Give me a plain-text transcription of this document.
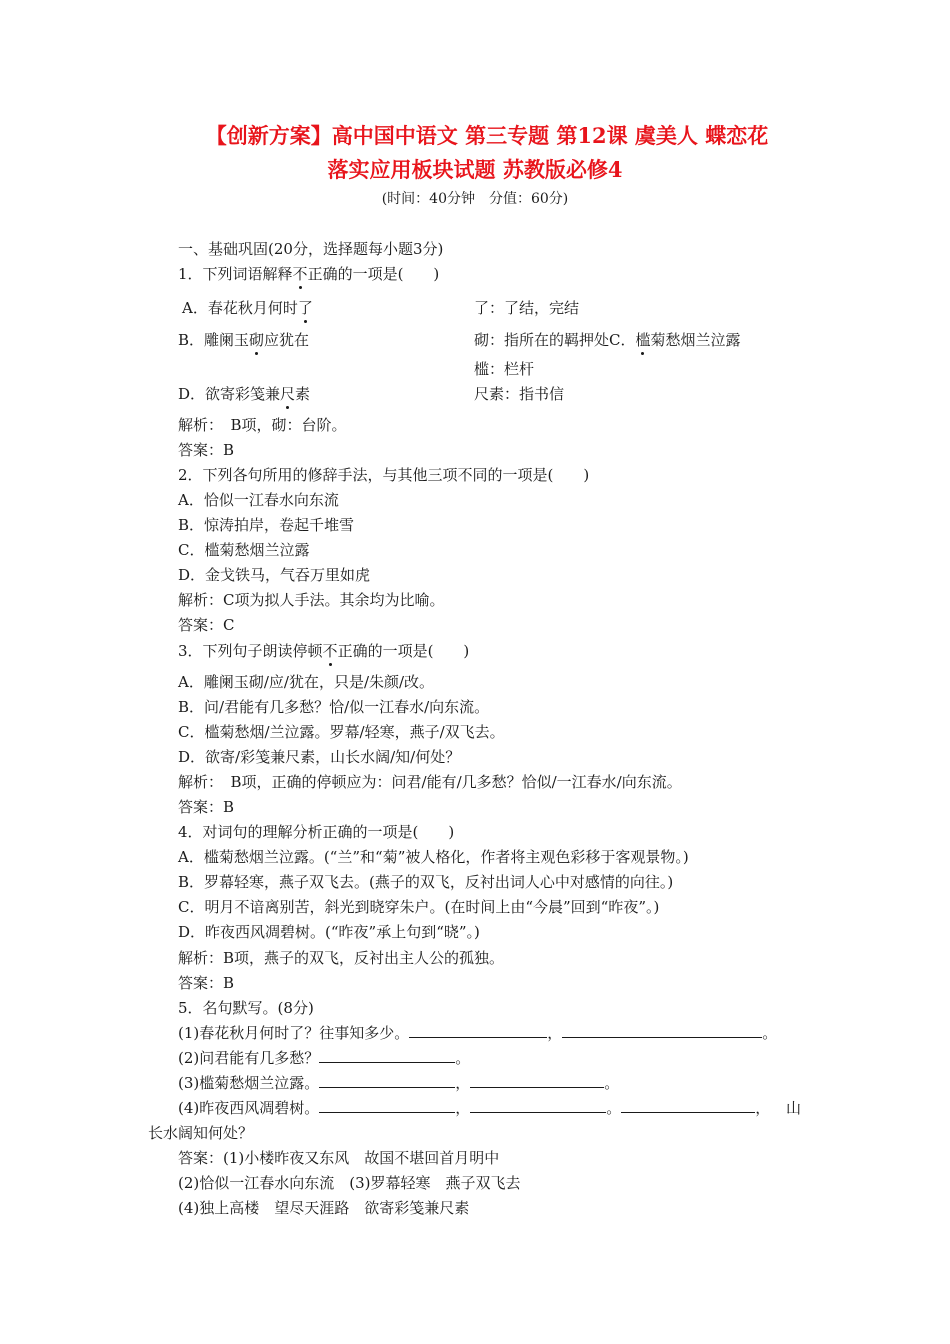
【创新方案】高中国中语文 第三专题 第12课 虞美人 蝶恋花
落实应用板块试题 苏教版必修4
(时间：40分钟　分值：60分)
一、基础巩固(20分，选择题每小题3分)
1．下列词语解释不正确的一项是(　　)
A．春花秋月何时了	了：了结，完结
B．雕阑玉砌应犹在	砌：指所在的羁押处C．槛菊愁烟兰泣露
槛：栏杆
D．欲寄彩笺兼尺素	尺素：指书信
解析：　B项，砌：台阶。
答案：B
2．下列各句所用的修辞手法，与其他三项不同的一项是(　　)
A．恰似一江春水向东流
B．惊涛拍岸，卷起千堆雪
C．槛菊愁烟兰泣露
D．金戈铁马，气吞万里如虎
解析：C项为拟人手法。其余均为比喻。
答案：C
3．下列句子朗读停顿不正确的一项是(　　)
A．雕阑玉砌/应/犹在，只是/朱颜/改。
B．问/君能有几多愁？恰/似一江春水/向东流。
C．槛菊愁烟/兰泣露。罗幕/轻寒，燕子/双飞去。
D．欲寄/彩笺兼尺素，山长水阔/知/何处？
解析：　B项，正确的停顿应为：问君/能有/几多愁？恰似/一江春水/向东流。
答案：B
4．对词句的理解分析正确的一项是(　　)
A．槛菊愁烟兰泣露。(“兰”和“菊”被人格化，作者将主观色彩移于客观景物。)
B．罗幕轻寒，燕子双飞去。(燕子的双飞，反衬出词人心中对感情的向往。)
C．明月不谙离别苦，斜光到晓穿朱户。(在时间上由“今晨”回到“昨夜”。)
D．昨夜西风凋碧树。(“昨夜”承上句到“晓”。)
解析：B项，燕子的双飞，反衬出主人公的孤独。
答案：B
5．名句默写。(8分)
(1)春花秋月何时了？往事知多少。	，	。
(2)问君能有几多愁？	。
(3)槛菊愁烟兰泣露。	，	。
(4)昨夜西风凋碧树。	，	。	， 山
长水阔知何处？
答案：(1)小楼昨夜又东风　故国不堪回首月明中
(2)恰似一江春水向东流　(3)罗幕轻寒　燕子双飞去
(4)独上高楼　望尽天涯路　欲寄彩笺兼尺素
